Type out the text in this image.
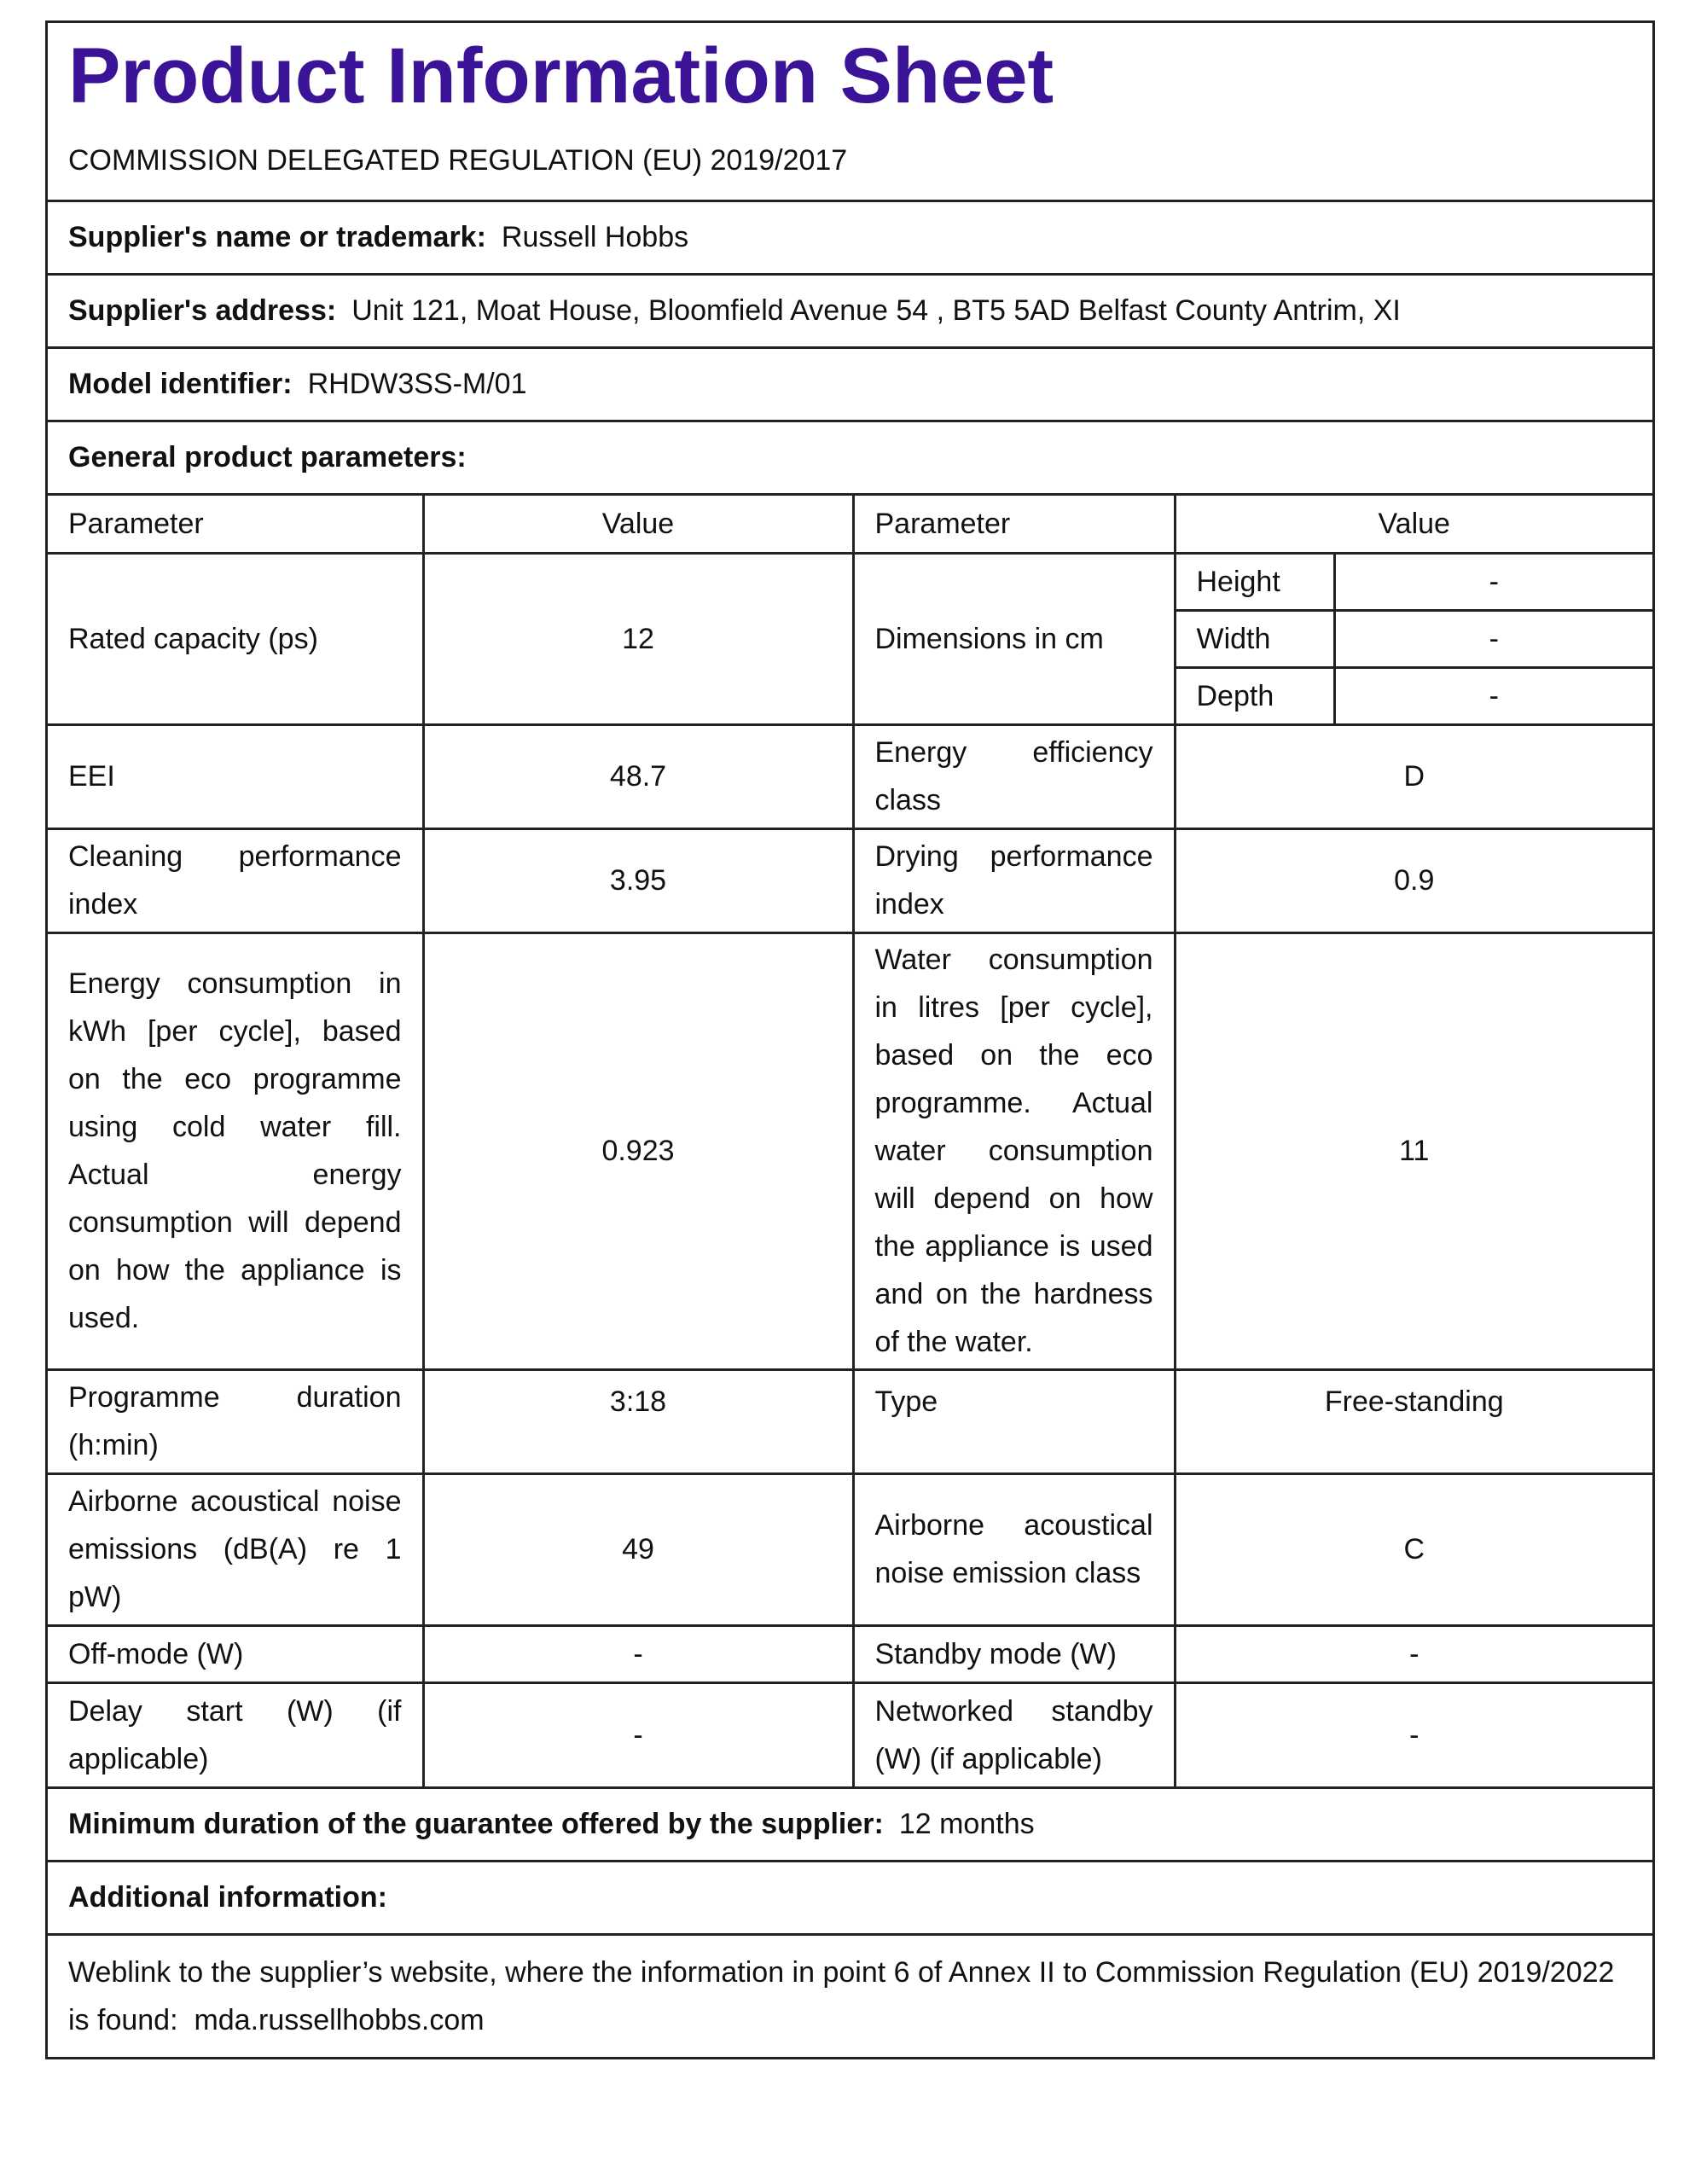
Product Information Sheet
COMMISSION DELEGATED REGULATION (EU) 2019/2017
Supplier's name or trademark: Russell Hobbs
Supplier's address: Unit 121, Moat House, Bloomfield Avenue 54 , BT5 5AD Belfast County Antrim, XI
Model identifier: RHDW3SS-M/01
General product parameters:
Parameter	Value	Parameter	Value	
Rated capacity (ps)	12	Dimensions in cm	Height	-
			Width	-
			Depth	-
EEI	48.7	Energy efficiency class	D	
Cleaning performance index	3.95	Drying performance index	0.9	
Energy consumption in kWh [per cycle], based on the eco programme using cold water fill. Actual energy consumption will depend on how the appliance is used.	0.923	Water consumption in litres [per cycle], based on the eco programme. Actual water consumption will depend on how the appliance is used and on the hardness of the water.	11	
Programme duration (h:min)	3:18	Type	Free-standing	
Airborne acoustical noise emissions (dB(A) re 1 pW)	49	Airborne acoustical noise emission class	C	
Off-mode (W)	-	Standby mode (W)	-	
Delay start (W) (if applicable)	-	Networked standby (W) (if applicable)	-	
Minimum duration of the guarantee offered by the supplier: 12 months
Additional information:
Weblink to the supplier’s website, where the information in point 6 of Annex II to Commission Regulation (EU) 2019/2022 is found: mda.russellhobbs.com
